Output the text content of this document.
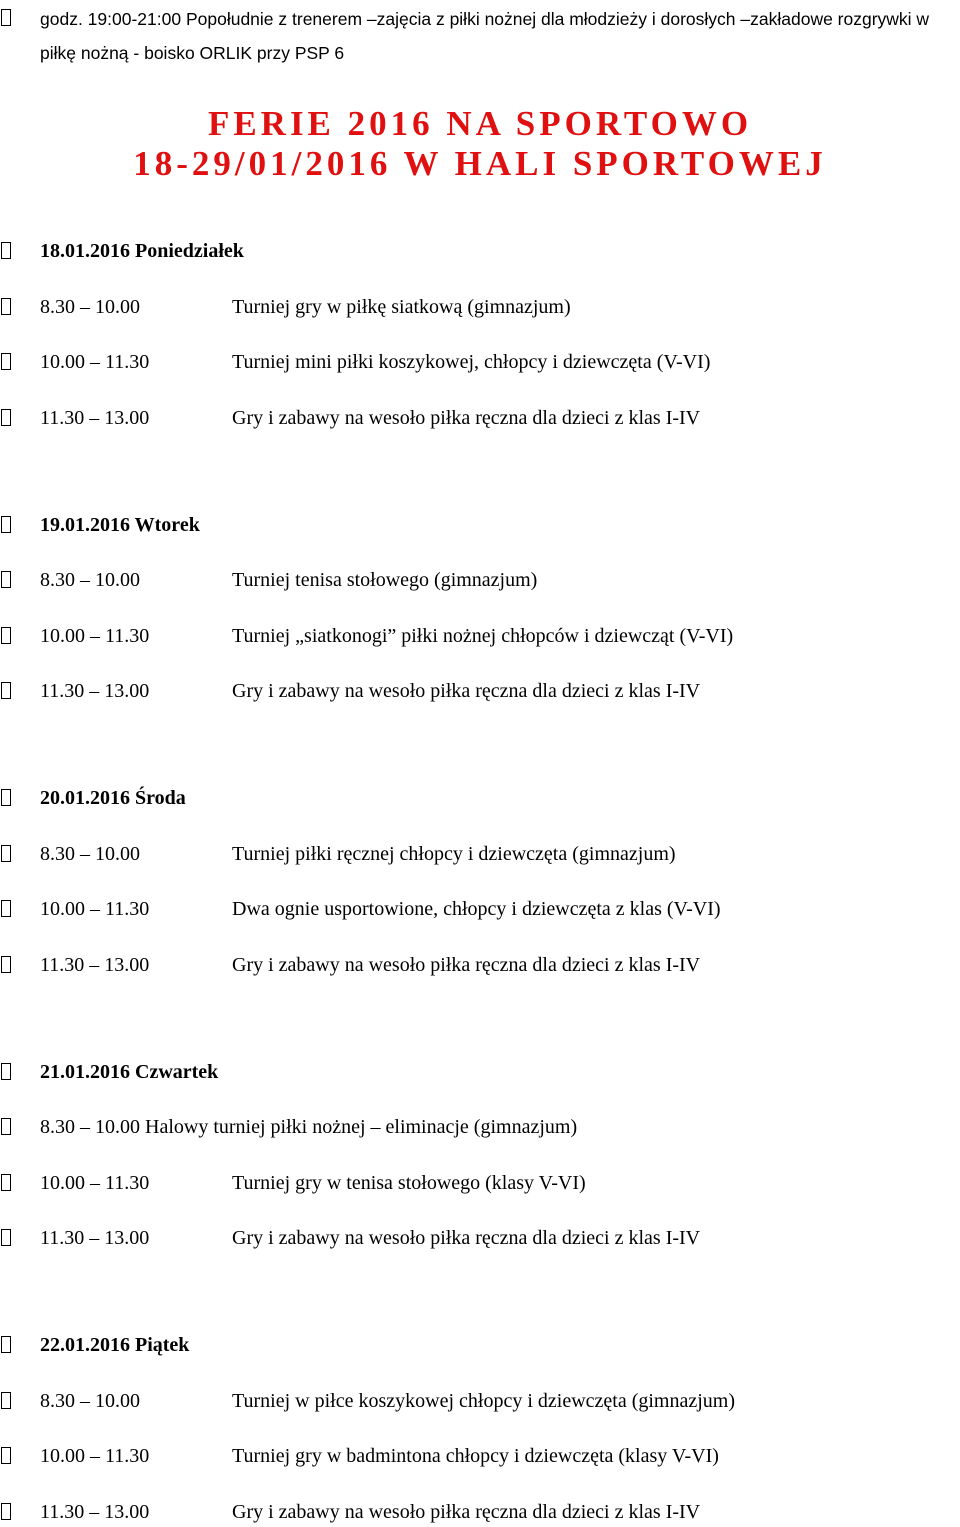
godz. 19:00-21:00 Popołudnie z trenerem –zajęcia z piłki nożnej dla młodzieży i dorosłych –zakładowe rozgrywki w
piłkę nożną - boisko ORLIK przy PSP 6
FERIE 2016 NA SPORTOWO
18-29/01/2016 W HALI SPORTOWEJ
18.01.2016 Poniedziałek
8.30 – 10.00	Turniej gry w piłkę siatkową (gimnazjum)
10.00 – 11.30	Turniej mini piłki koszykowej, chłopcy i dziewczęta (V-VI)
11.30 – 13.00	Gry i zabawy na wesoło piłka ręczna dla dzieci z klas I-IV
19.01.2016 Wtorek
8.30 – 10.00	Turniej tenisa stołowego (gimnazjum)
10.00 – 11.30	Turniej „siatkonogi” piłki nożnej chłopców i dziewcząt (V-VI)
11.30 – 13.00	Gry i zabawy na wesoło piłka ręczna dla dzieci z klas I-IV
20.01.2016 Środa
8.30 – 10.00	Turniej piłki ręcznej chłopcy i dziewczęta (gimnazjum)
10.00 – 11.30	Dwa ognie usportowione, chłopcy i dziewczęta z klas (V-VI)
11.30 – 13.00	Gry i zabawy na wesoło piłka ręczna dla dzieci z klas I-IV
21.01.2016 Czwartek
8.30 – 10.00 Halowy turniej piłki nożnej – eliminacje (gimnazjum)
10.00 – 11.30	Turniej gry w tenisa stołowego (klasy V-VI)
11.30 – 13.00	Gry i zabawy na wesoło piłka ręczna dla dzieci z klas I-IV
22.01.2016 Piątek
8.30 – 10.00	Turniej w piłce koszykowej chłopcy i dziewczęta (gimnazjum)
10.00 – 11.30	Turniej gry w badmintona chłopcy i dziewczęta (klasy V-VI)
11.30 – 13.00	Gry i zabawy na wesoło piłka ręczna dla dzieci z klas I-IV
